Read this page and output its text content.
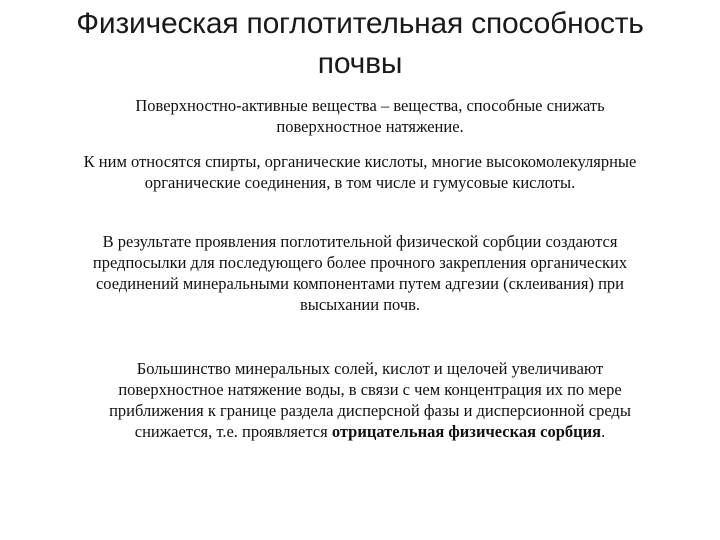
Физическая поглотительная способность
почвы
Поверхностно-активные вещества – вещества, способные снижать
поверхностное натяжение.
К ним относятся спирты, органические кислоты, многие высокомолекулярные
органические соединения, в том числе и гумусовые кислоты.
В результате проявления поглотительной физической сорбции создаются
предпосылки для последующего более прочного закрепления органических
соединений минеральными компонентами путем адгезии (склеивания) при
высыхании почв.
Большинство минеральных солей, кислот и щелочей увеличивают
поверхностное натяжение воды, в связи с чем концентрация их по мере
приближения к границе раздела дисперсной фазы и дисперсионной среды
снижается, т.е. проявляется отрицательная физическая сорбция.
